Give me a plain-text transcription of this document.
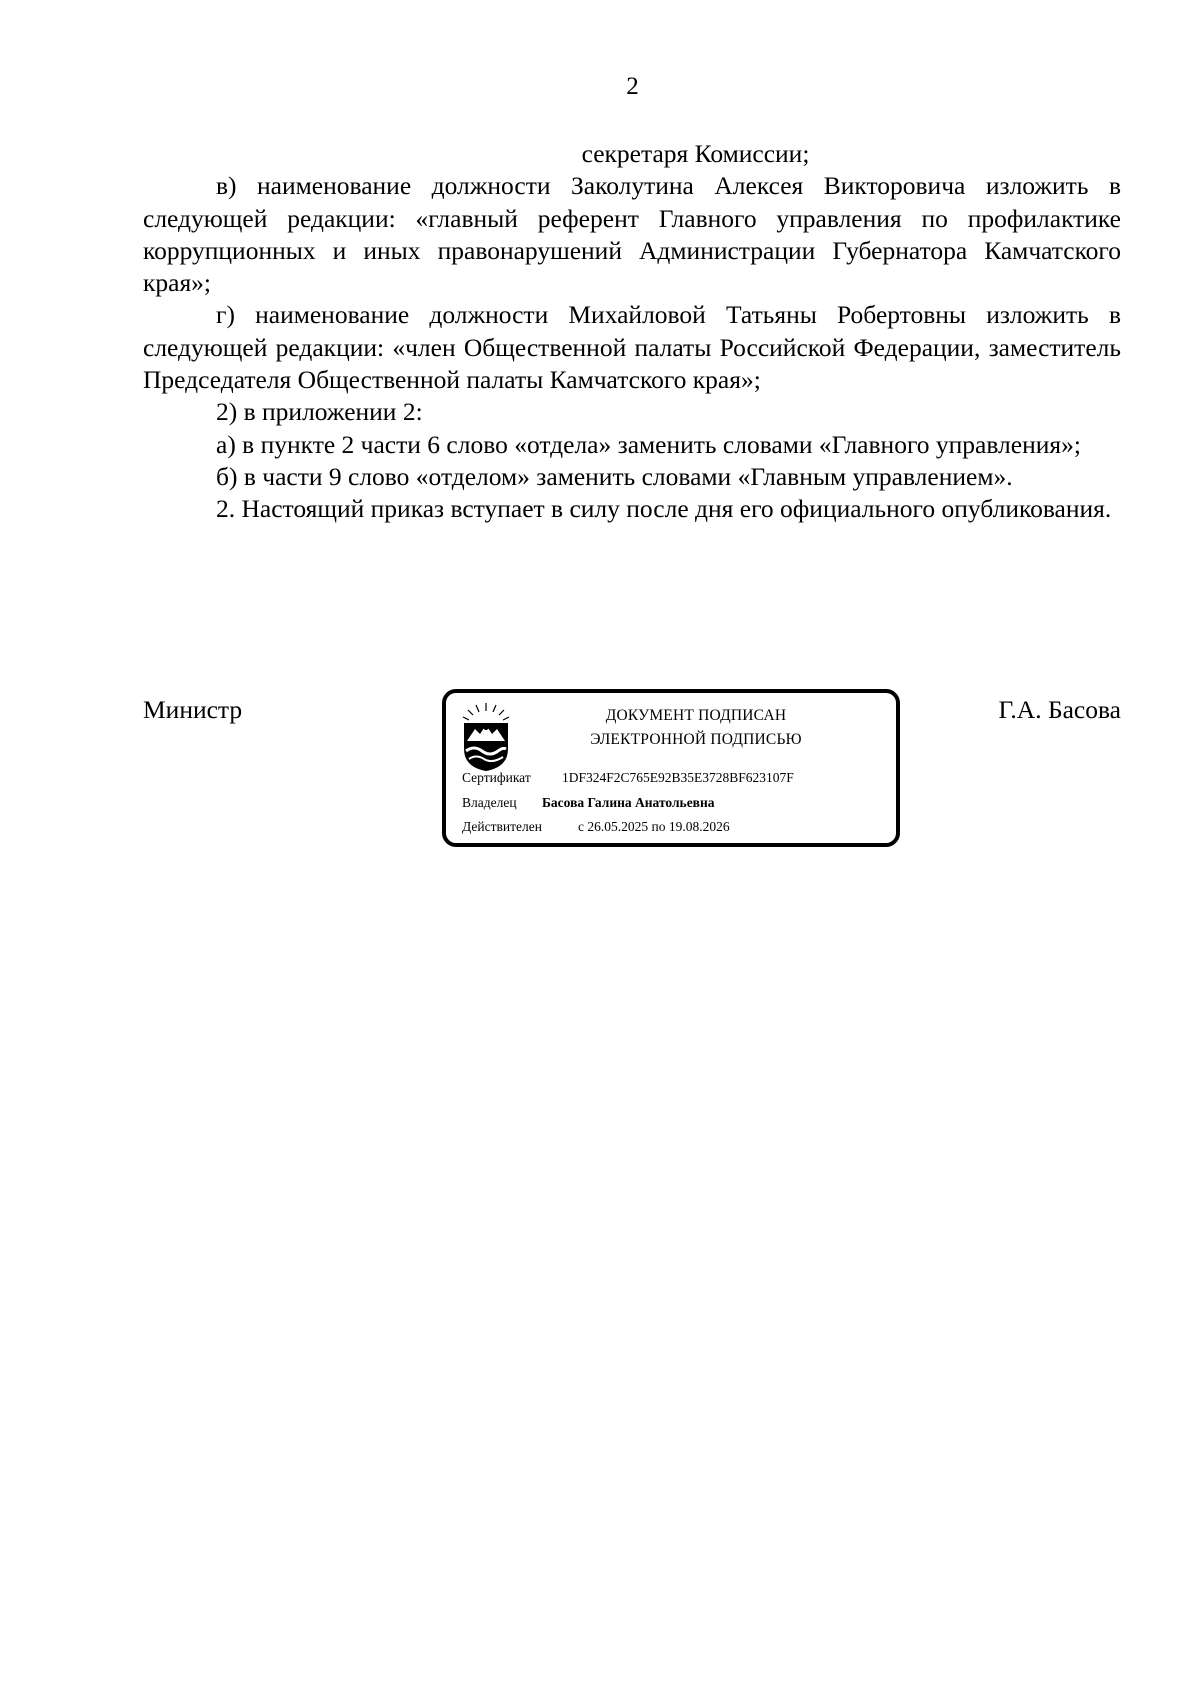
2

секретаря Комиссии;

в) наименование должности Заколутина Алексея Викторовича изложить в следующей редакции: «главный референт Главного управления по профилактике коррупционных и иных правонарушений Администрации Губернатора Камчатского края»;

г) наименование должности Михайловой Татьяны Робертовны изложить в следующей редакции: «член Общественной палаты Российской Федерации, заместитель Председателя Общественной палаты Камчатского края»;

2) в приложении 2:

а) в пункте 2 части 6 слово «отдела» заменить словами «Главного управления»;

б) в части 9 слово «отделом» заменить словами «Главным управлением».

2. Настоящий приказ вступает в силу после дня его официального опубликования.

Министр	Г.А. Басова
ДОКУМЕНТ ПОДПИСАН
ЭЛЕКТРОННОЙ ПОДПИСЬЮ
Сертификат 1DF324F2C765E92B35E3728BF623107F
Владелец Басова Галина Анатольевна
Действителен	с 26.05.2025 по 19.08.2026
